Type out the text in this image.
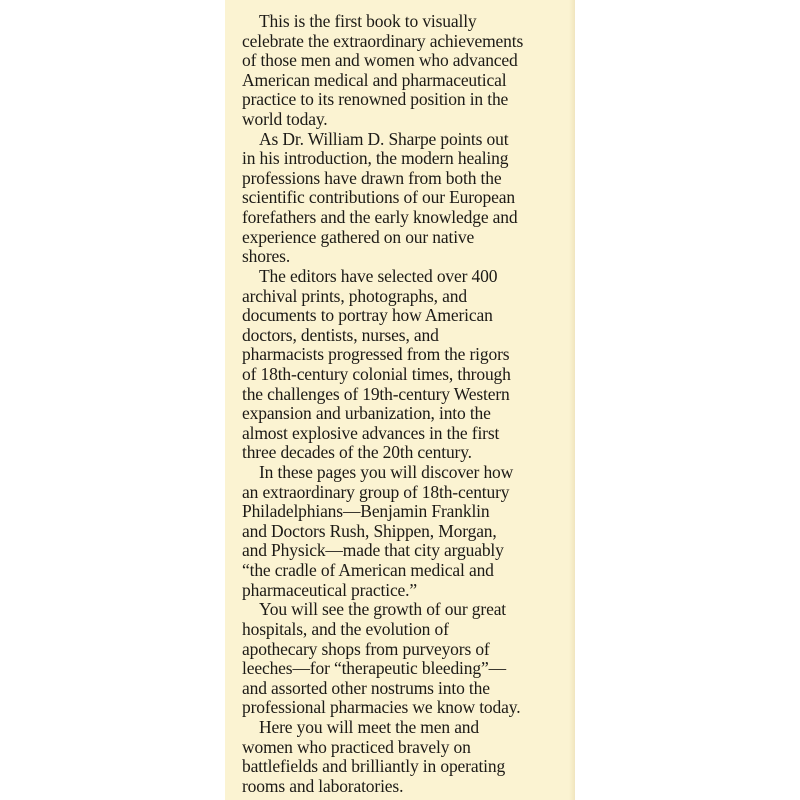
This is the first book to visually
celebrate the extraordinary achievements
of those men and women who advanced
American medical and pharmaceutical
practice to its renowned position in the
world today.
As Dr. William D. Sharpe points out
in his introduction, the modern healing
professions have drawn from both the
scientific contributions of our European
forefathers and the early knowledge and
experience gathered on our native
shores.
The editors have selected over 400
archival prints, photographs, and
documents to portray how American
doctors, dentists, nurses, and
pharmacists progressed from the rigors
of 18th-century colonial times, through
the challenges of 19th-century Western
expansion and urbanization, into the
almost explosive advances in the first
three decades of the 20th century.
In these pages you will discover how
an extraordinary group of 18th-century
Philadelphians—Benjamin Franklin
and Doctors Rush, Shippen, Morgan,
and Physick—made that city arguably
“the cradle of American medical and
pharmaceutical practice.”
You will see the growth of our great
hospitals, and the evolution of
apothecary shops from purveyors of
leeches—for “therapeutic bleeding”—
and assorted other nostrums into the
professional pharmacies we know today.
Here you will meet the men and
women who practiced bravely on
battlefields and brilliantly in operating
rooms and laboratories.
